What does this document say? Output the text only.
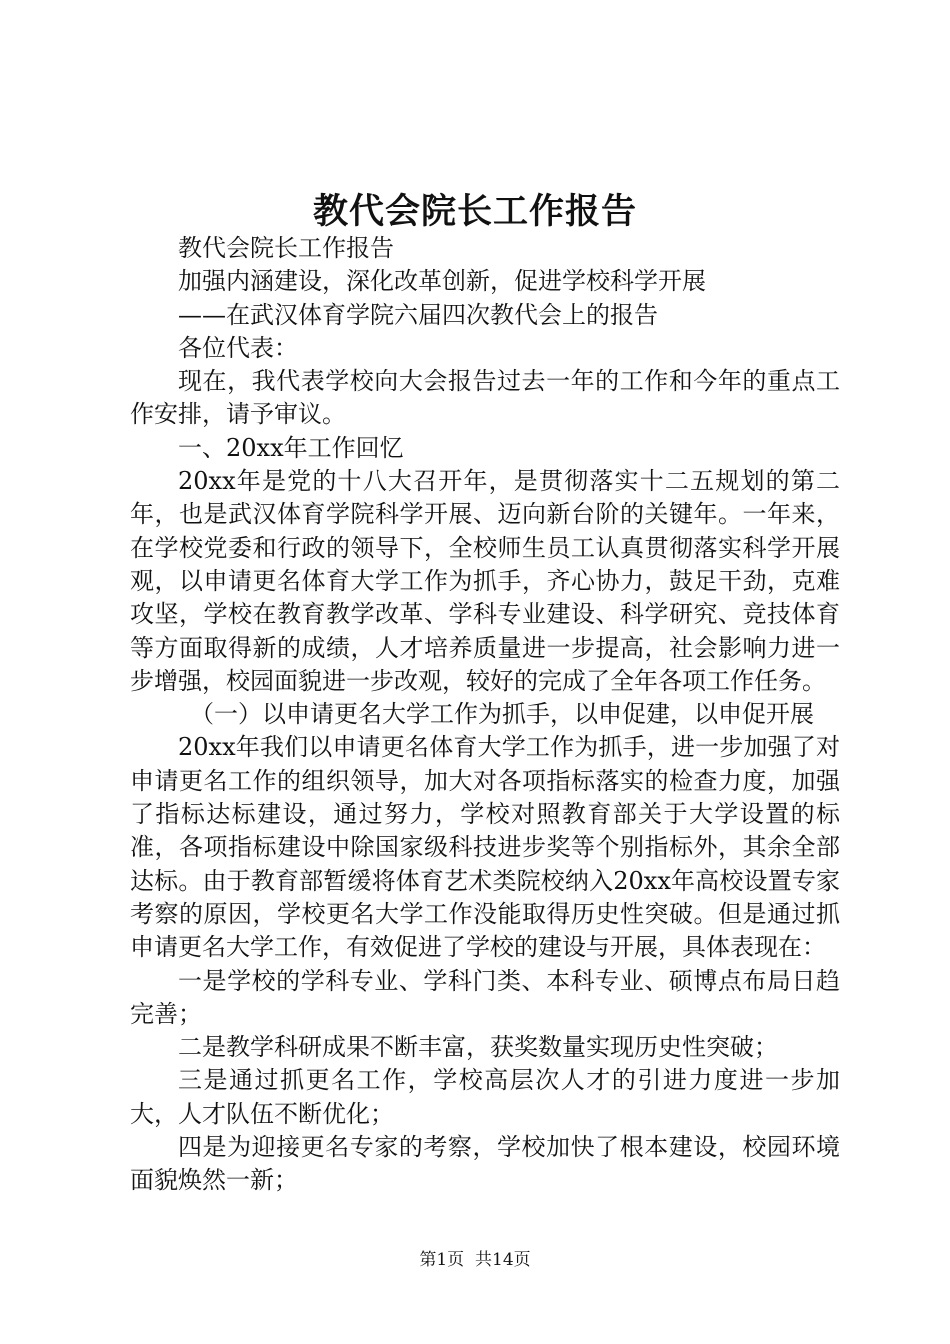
教代会院长工作报告

教代会院长工作报告

加强内涵建设，深化改革创新，促进学校科学开展

——在武汉体育学院六届四次教代会上的报告

各位代表：

现在，我代表学校向大会报告过去一年的工作和今年的重点工作安排，请予审议。

一、20xx年工作回忆

20xx年是党的十八大召开年，是贯彻落实十二五规划的第二年，也是武汉体育学院科学开展、迈向新台阶的关键年。一年来，在学校党委和行政的领导下，全校师生员工认真贯彻落实科学开展观，以申请更名体育大学工作为抓手，齐心协力，鼓足干劲，克难攻坚，学校在教育教学改革、学科专业建设、科学研究、竞技体育等方面取得新的成绩，人才培养质量进一步提高，社会影响力进一步增强，校园面貌进一步改观，较好的完成了全年各项工作任务。

（一）以申请更名大学工作为抓手，以申促建，以申促开展

20xx年我们以申请更名体育大学工作为抓手，进一步加强了对申请更名工作的组织领导，加大对各项指标落实的检查力度，加强了指标达标建设，通过努力，学校对照教育部关于大学设置的标准，各项指标建设中除国家级科技进步奖等个别指标外，其余全部达标。由于教育部暂缓将体育艺术类院校纳入20xx年高校设置专家考察的原因，学校更名大学工作没能取得历史性突破。但是通过抓申请更名大学工作，有效促进了学校的建设与开展，具体表现在：

一是学校的学科专业、学科门类、本科专业、硕博点布局日趋完善；

二是教学科研成果不断丰富，获奖数量实现历史性突破；

三是通过抓更名工作，学校高层次人才的引进力度进一步加大，人才队伍不断优化；

四是为迎接更名专家的考察，学校加快了根本建设，校园环境面貌焕然一新；

第1页 共14页
